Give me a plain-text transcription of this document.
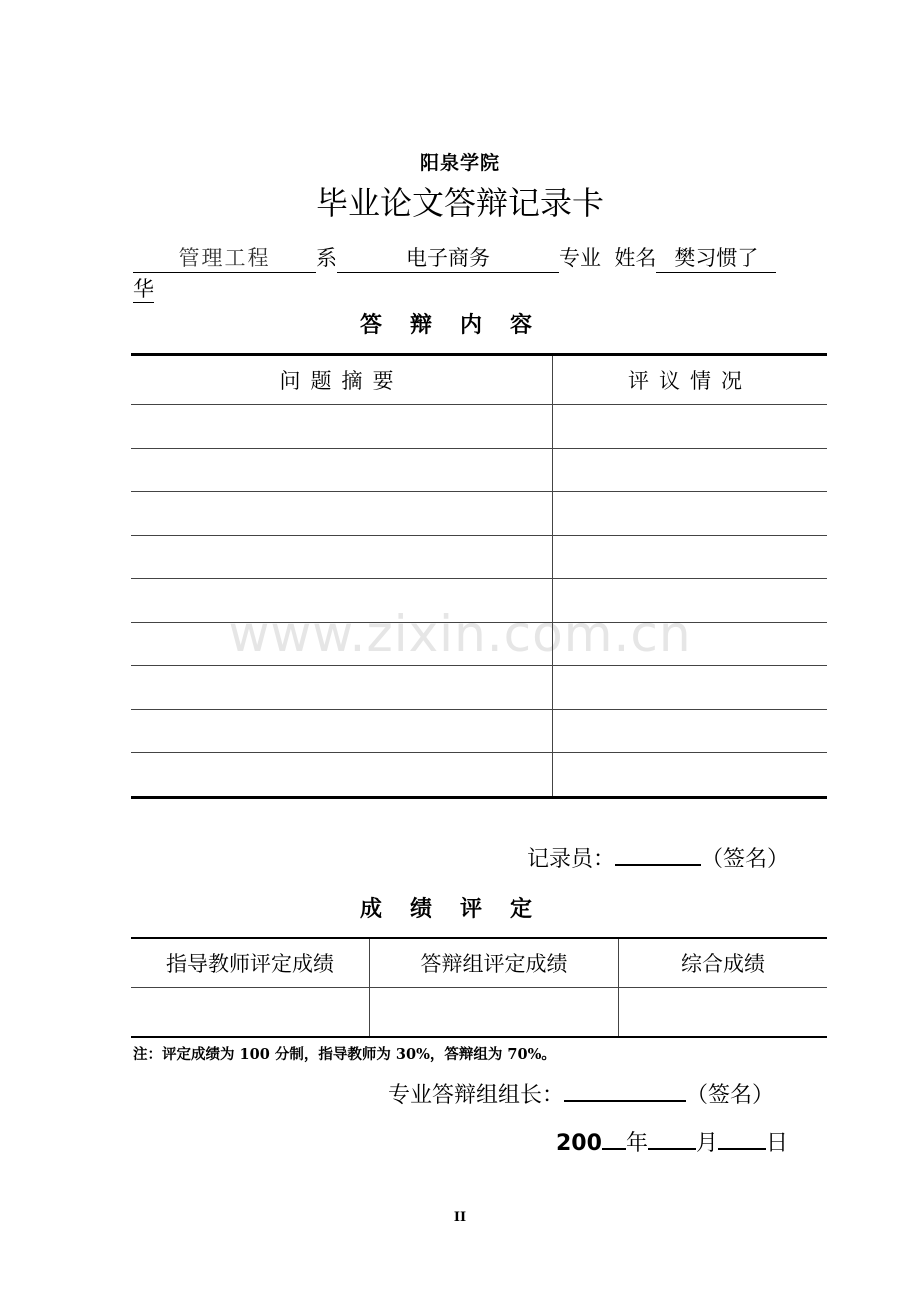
www.zixin.com.cn
阳泉学院
毕业论文答辩记录卡
管理工程 系	电子商务	专业 姓名 樊习惯了
华
答辩内容
问题摘要	评议情况

记录员：	（签名）
成绩评定
指导教师评定成绩	答辩组评定成绩	综合成绩

注：评定成绩为 100 分制，指导教师为 30%，答辩组为 70%。
专业答辩组组长：	（签名）
200 年 月 日
II
